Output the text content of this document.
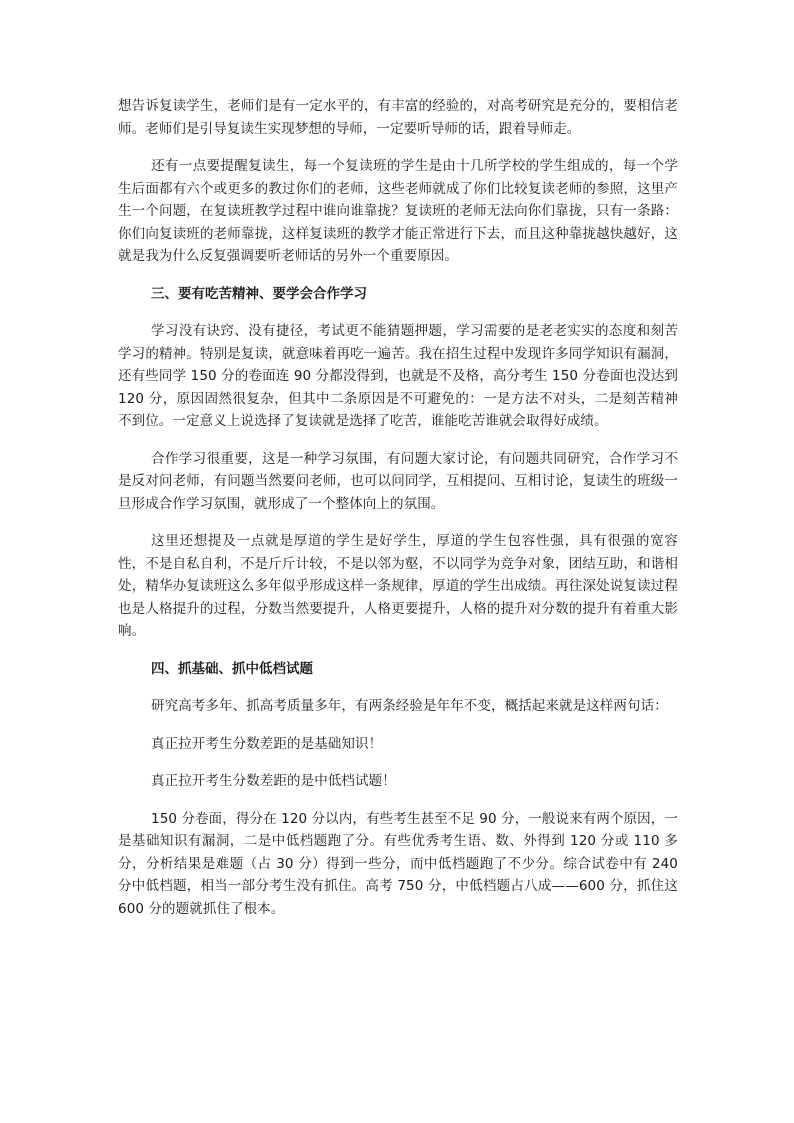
想告诉复读学生，老师们是有一定水平的，有丰富的经验的，对高考研究是充分的，要相信老师。老师们是引导复读生实现梦想的导师，一定要听导师的话，跟着导师走。

还有一点要提醒复读生，每一个复读班的学生是由十几所学校的学生组成的，每一个学生后面都有六个或更多的教过你们的老师，这些老师就成了你们比较复读老师的参照，这里产生一个问题，在复读班教学过程中谁向谁靠拢？复读班的老师无法向你们靠拢，只有一条路：你们向复读班的老师靠拢，这样复读班的教学才能正常进行下去，而且这种靠拢越快越好，这就是我为什么反复强调要听老师话的另外一个重要原因。

三、要有吃苦精神、要学会合作学习

学习没有诀窍、没有捷径，考试更不能猜题押题，学习需要的是老老实实的态度和刻苦学习的精神。特别是复读，就意味着再吃一遍苦。我在招生过程中发现许多同学知识有漏洞，还有些同学 150 分的卷面连 90 分都没得到，也就是不及格，高分考生 150 分卷面也没达到 120 分，原因固然很复杂，但其中二条原因是不可避免的：一是方法不对头，二是刻苦精神不到位。一定意义上说选择了复读就是选择了吃苦，谁能吃苦谁就会取得好成绩。

合作学习很重要，这是一种学习氛围，有问题大家讨论，有问题共同研究，合作学习不是反对问老师，有问题当然要问老师，也可以问同学，互相提问、互相讨论，复读生的班级一旦形成合作学习氛围，就形成了一个整体向上的氛围。

这里还想提及一点就是厚道的学生是好学生，厚道的学生包容性强，具有很强的宽容性，不是自私自利，不是斤斤计较，不是以邻为壑，不以同学为竞争对象，团结互助，和谐相处，精华办复读班这么多年似乎形成这样一条规律，厚道的学生出成绩。再往深处说复读过程也是人格提升的过程，分数当然要提升，人格更要提升，人格的提升对分数的提升有着重大影响。

四、抓基础、抓中低档试题

研究高考多年、抓高考质量多年，有两条经验是年年不变，概括起来就是这样两句话：

真正拉开考生分数差距的是基础知识！

真正拉开考生分数差距的是中低档试题！

150 分卷面，得分在 120 分以内，有些考生甚至不足 90 分，一般说来有两个原因，一是基础知识有漏洞，二是中低档题跑了分。有些优秀考生语、数、外得到 120 分或 110 多分，分析结果是难题（占 30 分）得到一些分，而中低档题跑了不少分。综合试卷中有 240 分中低档题，相当一部分考生没有抓住。高考 750 分，中低档题占八成——600 分，抓住这 600 分的题就抓住了根本。
